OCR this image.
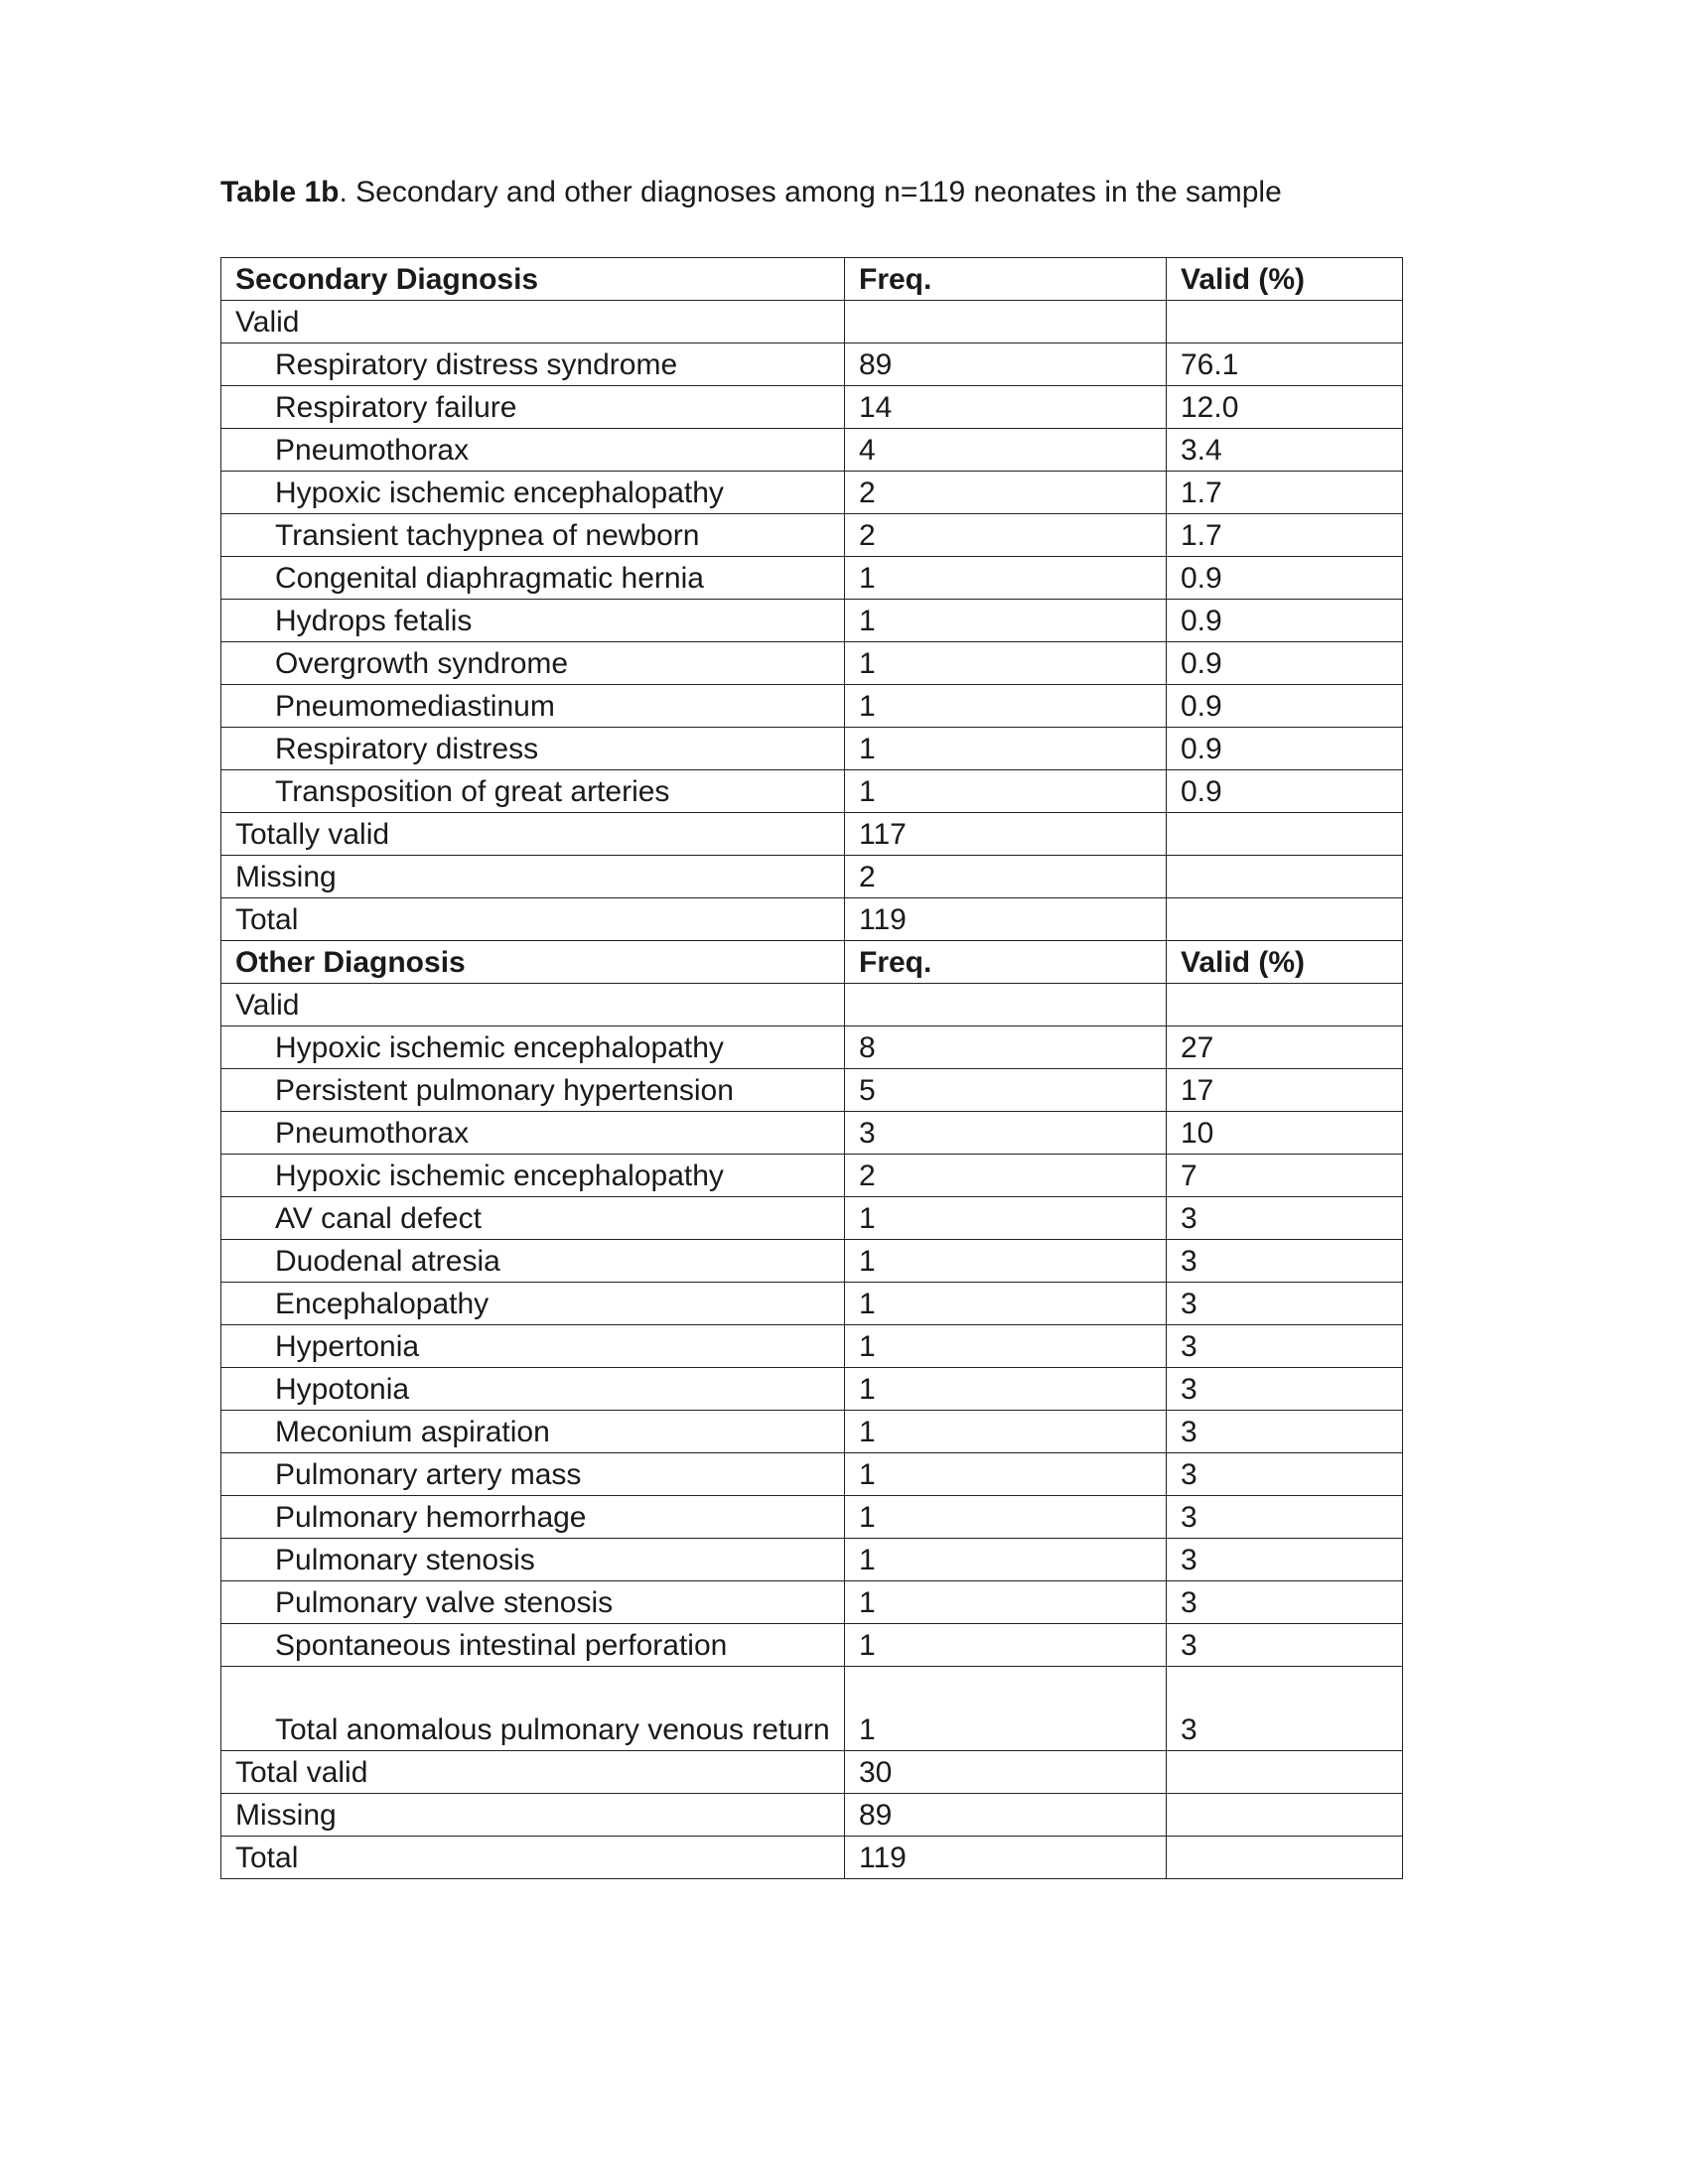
Table 1b. Secondary and other diagnoses among n=119 neonates in the sample
Secondary Diagnosis	Freq.	Valid (%)
Valid		
Respiratory distress syndrome	89	76.1
Respiratory failure	14	12.0
Pneumothorax	4	3.4
Hypoxic ischemic encephalopathy	2	1.7
Transient tachypnea of newborn	2	1.7
Congenital diaphragmatic hernia	1	0.9
Hydrops fetalis	1	0.9
Overgrowth syndrome	1	0.9
Pneumomediastinum	1	0.9
Respiratory distress	1	0.9
Transposition of great arteries	1	0.9
Totally valid	117	
Missing	2	
Total	119	
Other Diagnosis	Freq.	Valid (%)
Valid		
Hypoxic ischemic encephalopathy	8	27
Persistent pulmonary hypertension	5	17
Pneumothorax	3	10
Hypoxic ischemic encephalopathy	2	7
AV canal defect	1	3
Duodenal atresia	1	3
Encephalopathy	1	3
Hypertonia	1	3
Hypotonia	1	3
Meconium aspiration	1	3
Pulmonary artery mass	1	3
Pulmonary hemorrhage	1	3
Pulmonary stenosis	1	3
Pulmonary valve stenosis	1	3
Spontaneous intestinal perforation	1	3
Total anomalous pulmonary venous return	1	3
Total valid	30	
Missing	89	
Total	119	
